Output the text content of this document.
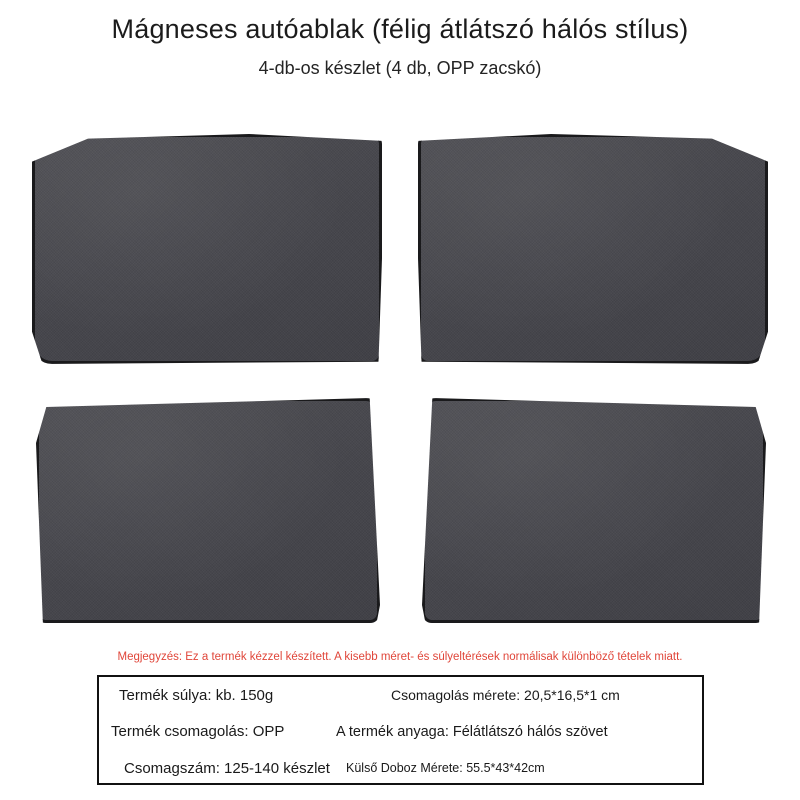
Mágneses autóablak (félig átlátszó hálós stílus)
4-db-os készlet (4 db, OPP zacskó)
Megjegyzés: Ez a termék kézzel készített. A kisebb méret- és súlyeltérések normálisak különböző tételek miatt.
Termék súlya: kb. 150g	Csomagolás mérete: 20,5*16,5*1 cm
Termék csomagolás: OPP	A termék anyaga: Félátlátszó hálós szövet
Csomagszám: 125-140 készlet	Külső Doboz Mérete: 55.5*43*42cm
